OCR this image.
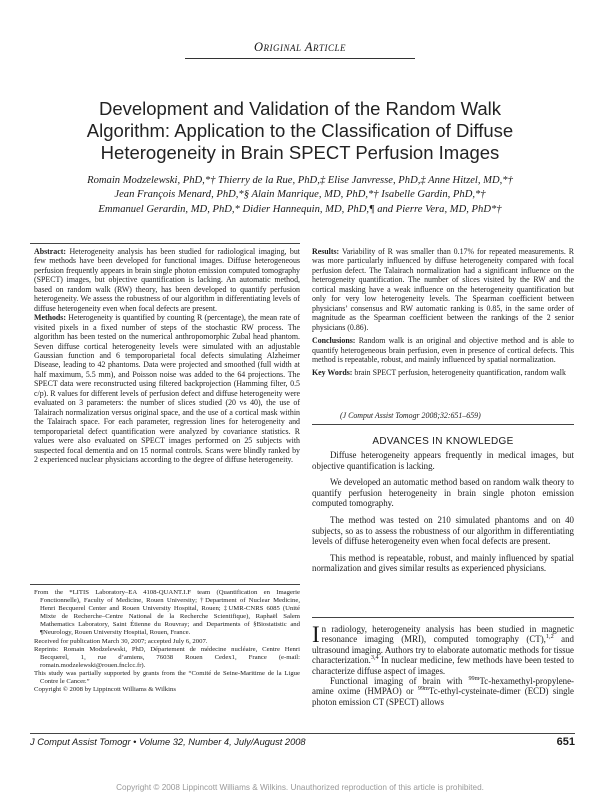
Original Article
Development and Validation of the Random Walk
Algorithm: Application to the Classification of Diffuse
Heterogeneity in Brain SPECT Perfusion Images
Romain Modzelewski, PhD,*† Thierry de la Rue, PhD,‡ Elise Janvresse, PhD,‡ Anne Hitzel, MD,*†
Jean François Menard, PhD,*§ Alain Manrique, MD, PhD,*† Isabelle Gardin, PhD,*†
Emmanuel Gerardin, MD, PhD,* Didier Hannequin, MD, PhD,¶ and Pierre Vera, MD, PhD*†

Abstract: Heterogeneity analysis has been studied for radiological imaging, but few methods have been developed for functional images. Diffuse heterogeneous perfusion frequently appears in brain single photon emission computed tomography (SPECT) images, but objective quantification is lacking. An automatic method, based on random walk (RW) theory, has been developed to quantify perfusion heterogeneity. We assess the robustness of our algorithm in differentiating levels of diffuse heterogeneity even when focal defects are present.

Methods: Heterogeneity is quantified by counting R (percentage), the mean rate of visited pixels in a fixed number of steps of the stochastic RW process. The algorithm has been tested on the numerical anthropomorphic Zubal head phantom. Seven diffuse cortical heterogeneity levels were simulated with an adjustable Gaussian function and 6 temporoparietal focal defects simulating Alzheimer Disease, leading to 42 phantoms. Data were projected and smoothed (full width at half maximum, 5.5 mm), and Poisson noise was added to the 64 projections. The SPECT data were reconstructed using filtered backprojection (Hamming filter, 0.5 c/p). R values for different levels of perfusion defect and diffuse heterogeneity were evaluated on 3 parameters: the number of slices studied (20 vs 40), the use of Talairach normalization versus original space, and the use of a cortical mask within the Talairach space. For each parameter, regression lines for heterogeneity and temporoparietal defect quantification were analyzed by covariance statistics. R values were also evaluated on SPECT images performed on 25 subjects with suspected focal dementia and on 15 normal controls. Scans were blindly ranked by 2 experienced nuclear physicians according to the degree of diffuse heterogeneity.

Results: Variability of R was smaller than 0.17% for repeated measurements. R was more particularly influenced by diffuse heterogeneity compared with focal perfusion defect. The Talairach normalization had a significant influence on the heterogeneity quantification. The number of slices visited by the RW and the cortical masking have a weak influence on the heterogeneity quantification but only for very low heterogeneity levels. The Spearman coefficient between physicians’ consensus and RW automatic ranking is 0.85, in the same order of magnitude as the Spearman coefficient between the rankings of the 2 senior physicians (0.86).

Conclusions: Random walk is an original and objective method and is able to quantify heterogeneous brain perfusion, even in presence of cortical defects. This method is repeatable, robust, and mainly influenced by spatial normalization.

Key Words: brain SPECT perfusion, heterogeneity quantification, random walk

(J Comput Assist Tomogr 2008;32:651–659)
ADVANCES IN KNOWLEDGE

Diffuse heterogeneity appears frequently in medical images, but objective quantification is lacking.

We developed an automatic method based on random walk theory to quantify perfusion heterogeneity in brain single photon emission computed tomography.

The method was tested on 210 simulated phantoms and on 40 subjects, so as to assess the robustness of our algorithm in differentiating levels of diffuse heterogeneity even when focal defects are present.

This method is repeatable, robust, and mainly influenced by spatial normalization and gives similar results as experienced physicians.

In radiology, heterogeneity analysis has been studied in magnetic resonance imaging (MRI), computed tomography (CT),$^{1,2}$ and ultrasound imaging. Authors try to elaborate automatic methods for tissue characterization.$^{3,4}$ In nuclear medicine, few methods have been tested to characterize diffuse aspect of images.

Functional imaging of brain with $^{99m}$Tc-hexamethyl-propylene-amine oxime (HMPAO) or $^{99m}$Tc-ethyl-cysteinate-dimer (ECD) single photon emission CT (SPECT) allows

From the *LITIS Laboratory–EA 4108-QUANT.I.F team (Quantification en Imagerie Fonctionnelle), Faculty of Medicine, Rouen University; †Department of Nuclear Medicine, Henri Becquerel Center and Rouen University Hospital, Rouen; ‡UMR-CNRS 6085 (Unité Mixte de Recherche–Centre National de la Recherche Scientifique), Raphaël Salem Mathematics Laboratory, Saint Étienne du Rouvray; and Departments of §Biostatistic and ¶Neurology, Rouen University Hospital, Rouen, France.

Received for publication March 30, 2007; accepted July 6, 2007.

Reprints: Romain Modzelewski, PhD, Département de médecine nucléaire, Centre Henri Becquerel, 1, rue d’amiens, 76038 Rouen Cedex1, France (e-mail: romain.modzelewski@rouen.fnclcc.fr).

This study was partially supported by grants from the “Comité de Seine-Maritime de la Ligue Contre le Cancer.”

Copyright © 2008 by Lippincott Williams & Wilkins

J Comput Assist Tomogr • Volume 32, Number 4, July/August 2008	651
Copyright © 2008 Lippincott Williams & Wilkins. Unauthorized reproduction of this article is prohibited.
